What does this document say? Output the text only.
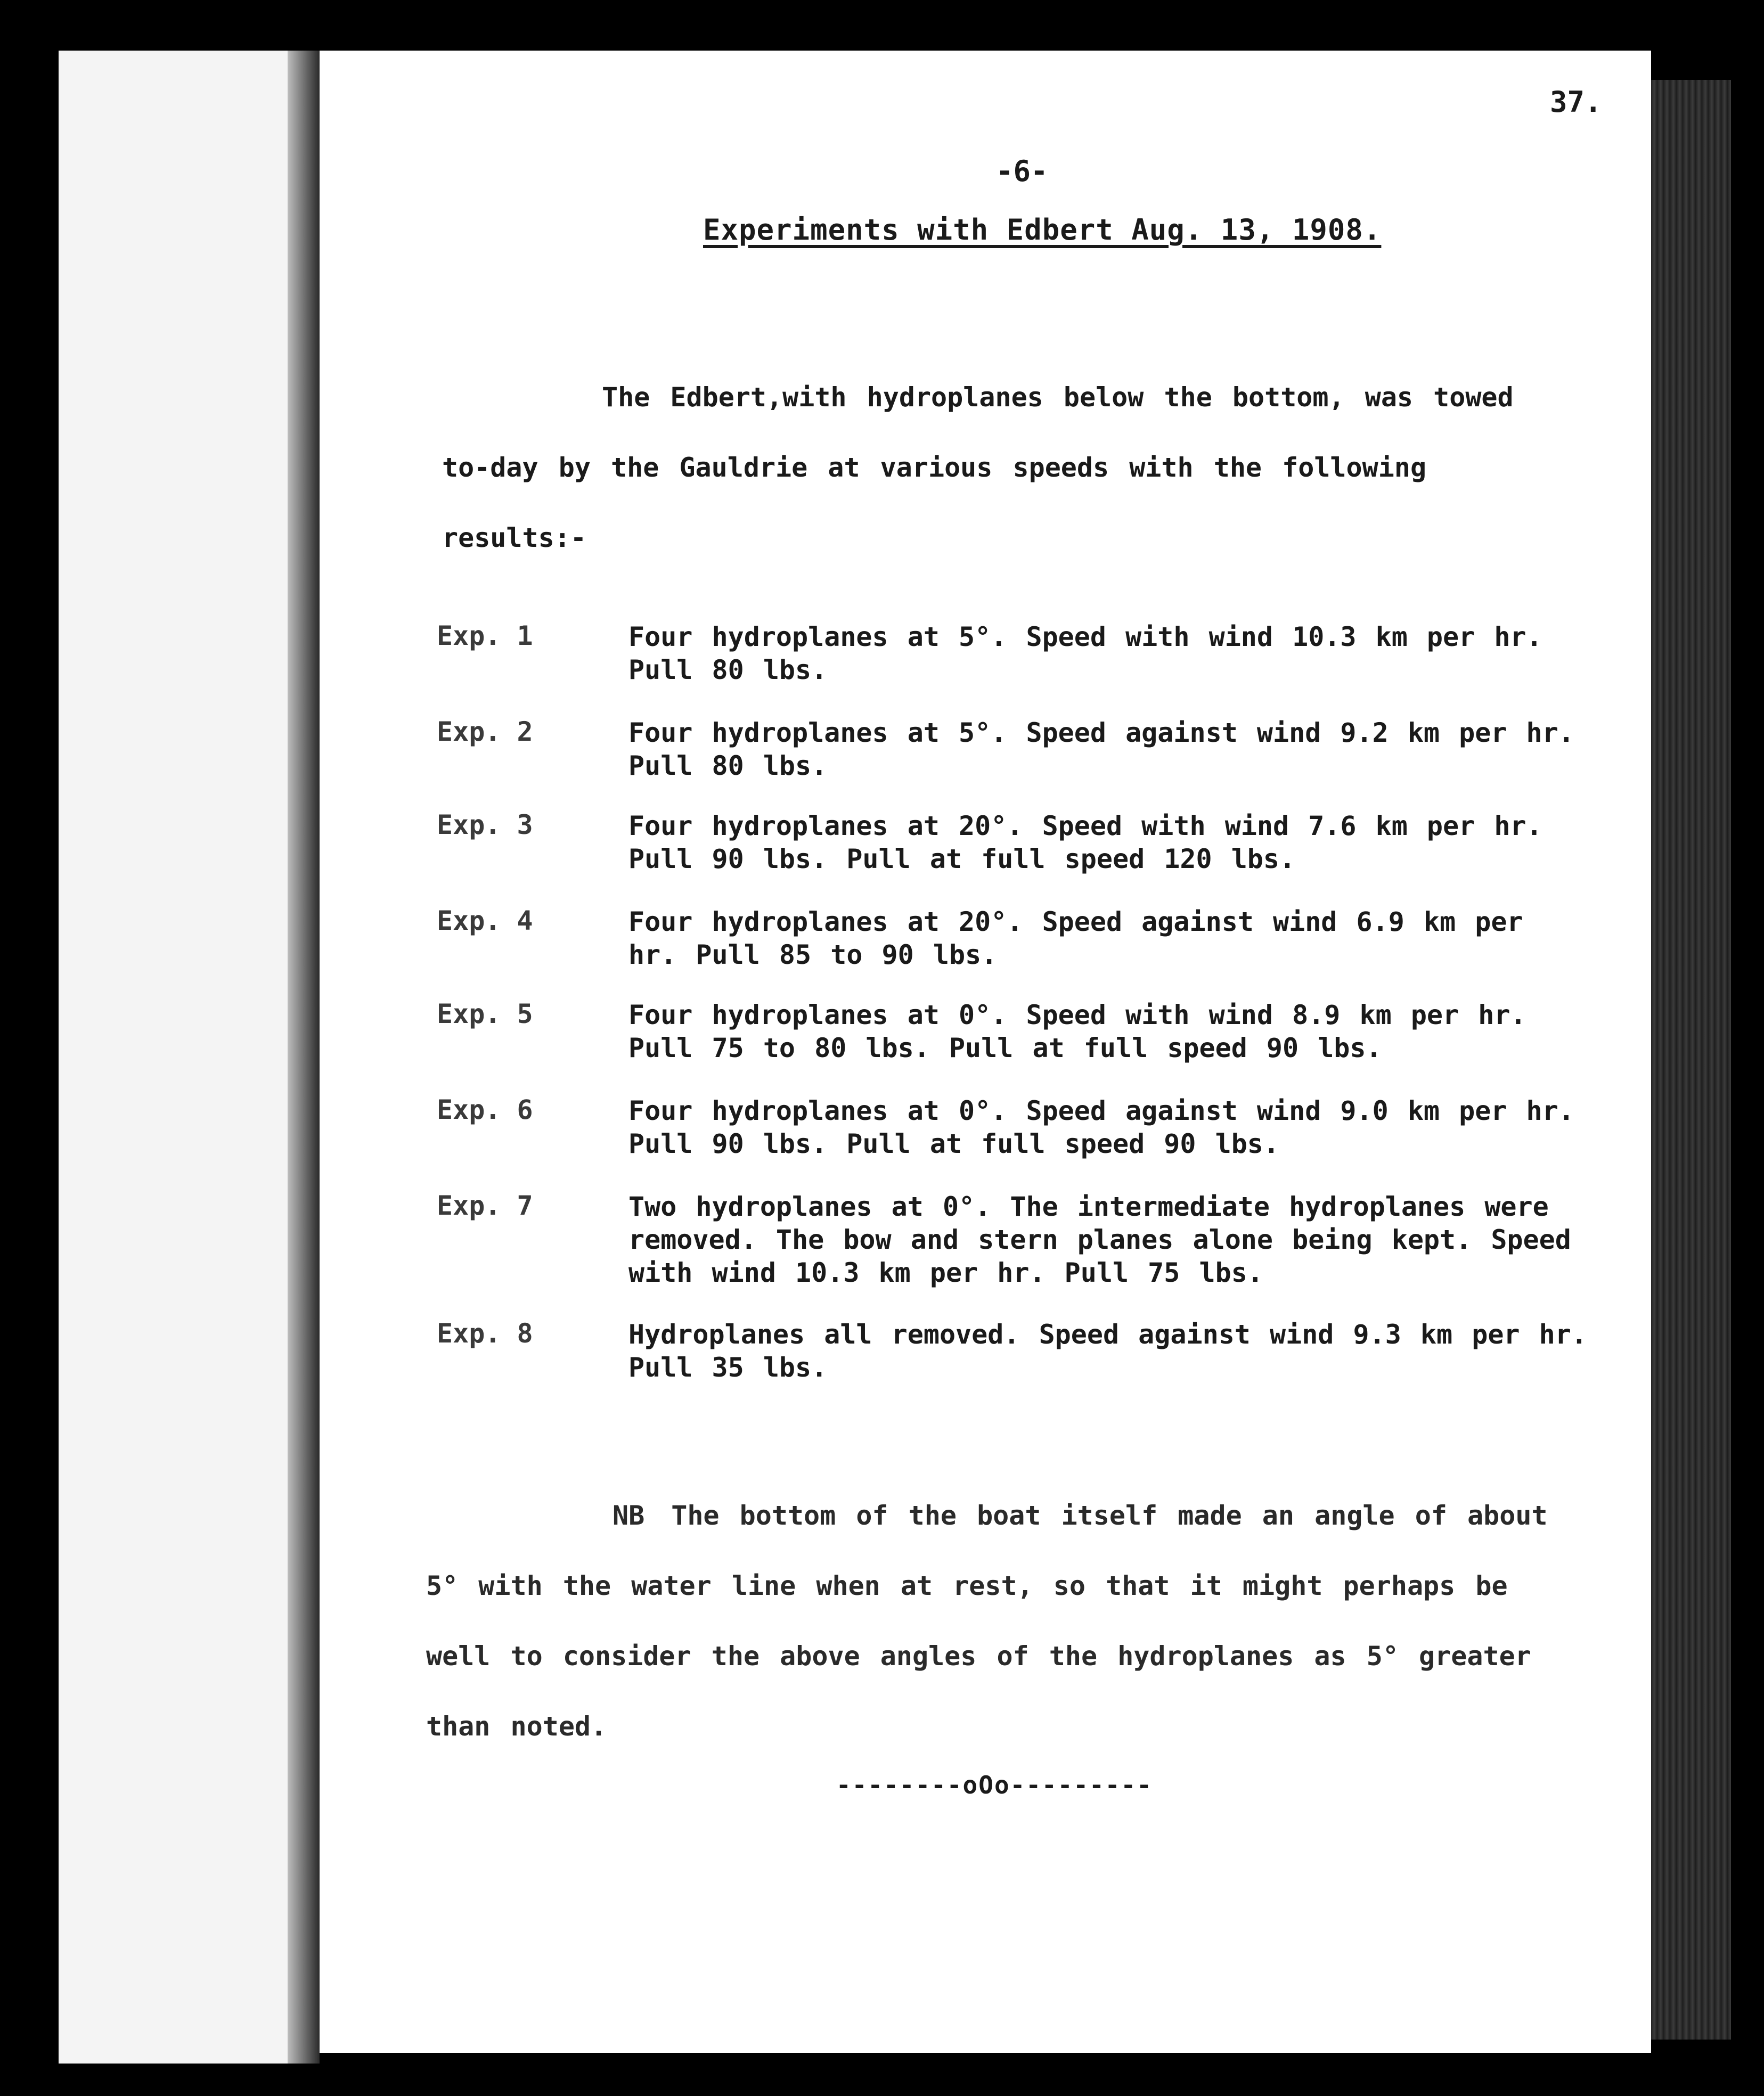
37.
-6-
Experiments with Edbert Aug. 13, 1908.
The Edbert,with hydroplanes below the bottom, was towed to-day by the Gauldrie at various speeds with the following results:-
Exp. 1	Four hydroplanes at 5°. Speed with wind 10.3 km per hr. Pull 80 lbs.
Exp. 2	Four hydroplanes at 5°. Speed against wind 9.2 km per hr. Pull 80 lbs.
Exp. 3	Four hydroplanes at 20°. Speed with wind 7.6 km per hr. Pull 90 lbs. Pull at full speed 120 lbs.
Exp. 4	Four hydroplanes at 20°. Speed against wind 6.9 km per hr. Pull 85 to 90 lbs.
Exp. 5	Four hydroplanes at 0°. Speed with wind 8.9 km per hr. Pull 75 to 80 lbs. Pull at full speed 90 lbs.
Exp. 6	Four hydroplanes at 0°. Speed against wind 9.0 km per hr. Pull 90 lbs. Pull at full speed 90 lbs.
Exp. 7	Two hydroplanes at 0°. The intermediate hydroplanes were removed. The bow and stern planes alone being kept. Speed with wind 10.3 km per hr. Pull 75 lbs.
Exp. 8	Hydroplanes all removed. Speed against wind 9.3 km per hr. Pull 35 lbs.
NB The bottom of the boat itself made an angle of about 5° with the water line when at rest, so that it might perhaps be well to consider the above angles of the hydroplanes as 5° greater than noted.
--------oOo---------
